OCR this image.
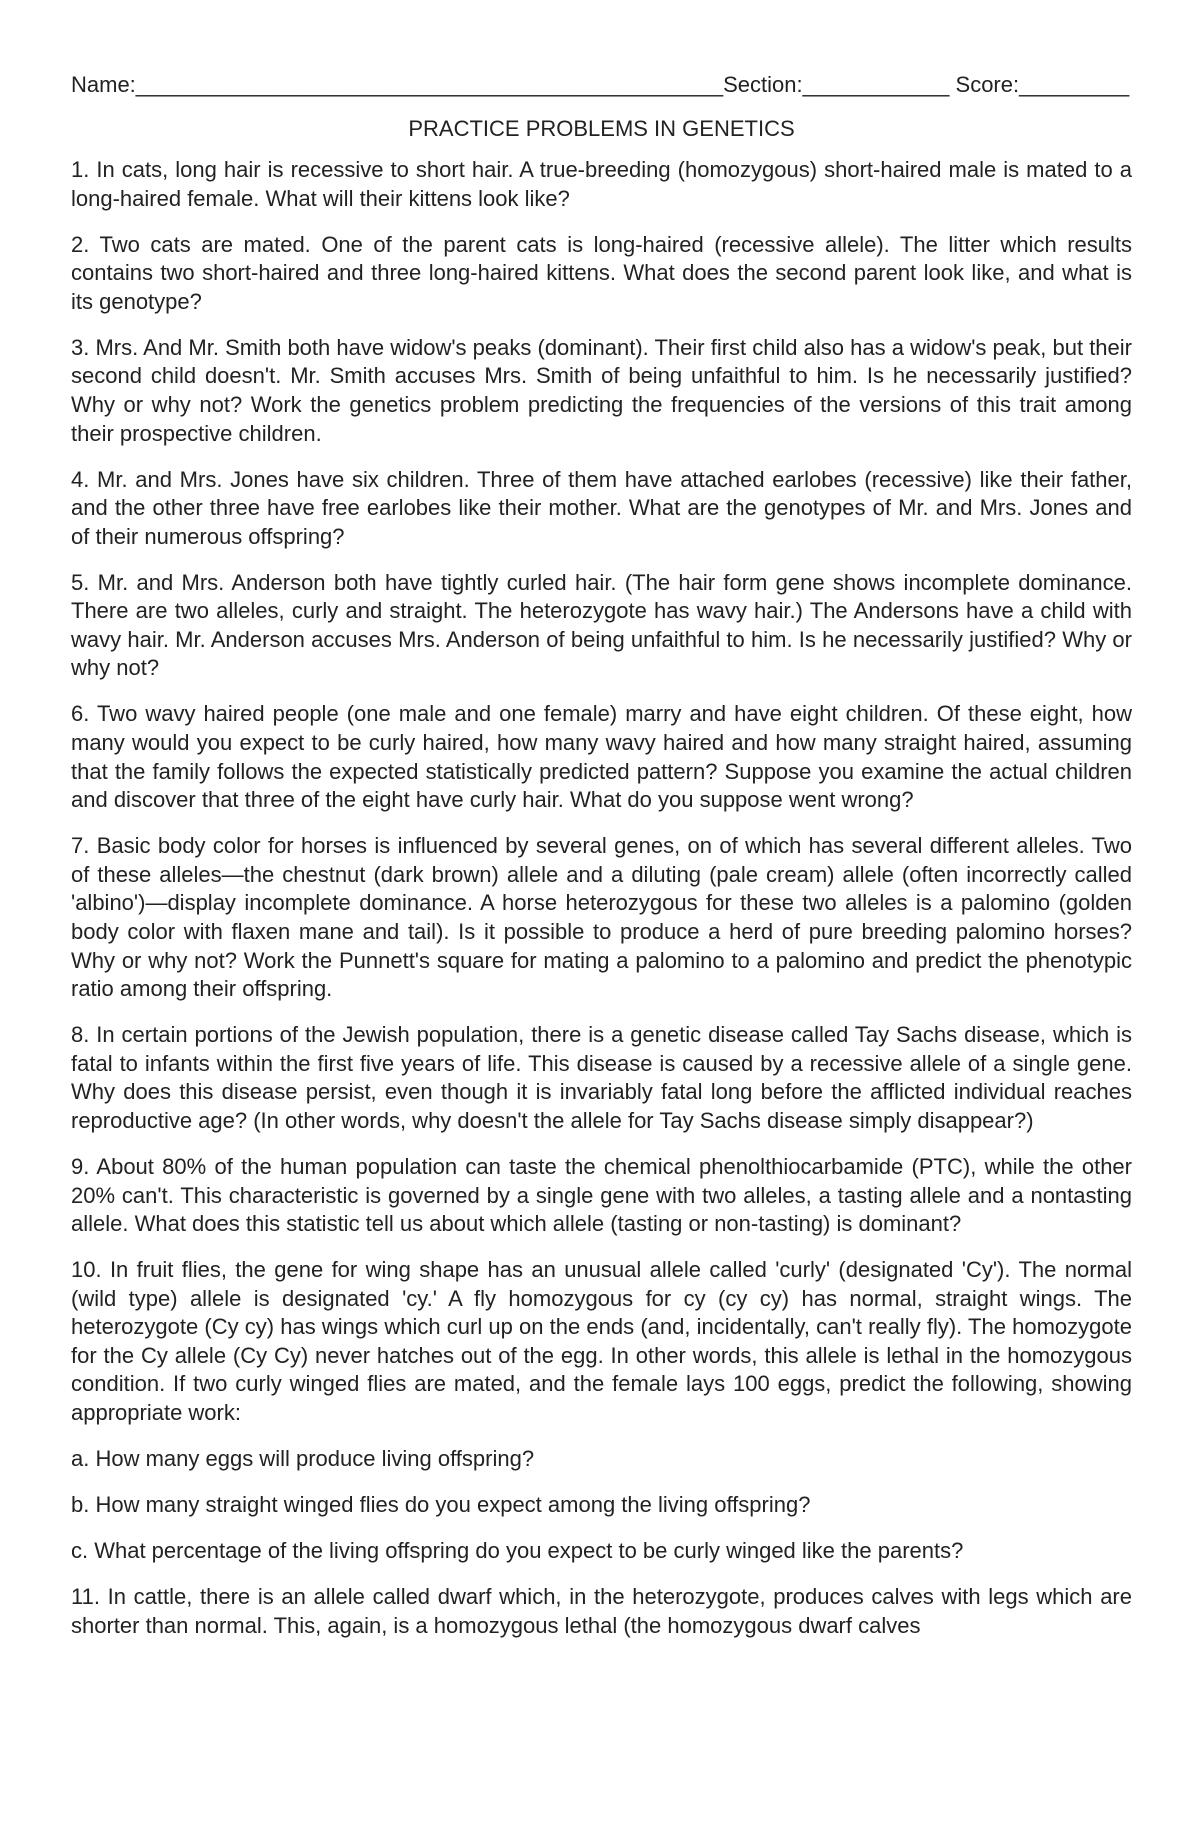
Name:________________________________________________Section:____________ Score:_________
PRACTICE PROBLEMS IN GENETICS

1. In cats, long hair is recessive to short hair. A true-breeding (homozygous) short-haired male is mated to a long-haired female. What will their kittens look like?

2. Two cats are mated. One of the parent cats is long-haired (recessive allele). The litter which results contains two short-haired and three long-haired kittens. What does the second parent look like, and what is its genotype?

3. Mrs. And Mr. Smith both have widow's peaks (dominant). Their first child also has a widow's peak, but their second child doesn't. Mr. Smith accuses Mrs. Smith of being unfaithful to him. Is he necessarily justified? Why or why not? Work the genetics problem predicting the frequencies of the versions of this trait among their prospective children.

4. Mr. and Mrs. Jones have six children. Three of them have attached earlobes (recessive) like their father, and the other three have free earlobes like their mother. What are the genotypes of Mr. and Mrs. Jones and of their numerous offspring?

5. Mr. and Mrs. Anderson both have tightly curled hair. (The hair form gene shows incomplete dominance. There are two alleles, curly and straight. The heterozygote has wavy hair.) The Andersons have a child with wavy hair. Mr. Anderson accuses Mrs. Anderson of being unfaithful to him. Is he necessarily justified? Why or why not?

6. Two wavy haired people (one male and one female) marry and have eight children. Of these eight, how many would you expect to be curly haired, how many wavy haired and how many straight haired, assuming that the family follows the expected statistically predicted pattern? Suppose you examine the actual children and discover that three of the eight have curly hair. What do you suppose went wrong?

7. Basic body color for horses is influenced by several genes, on of which has several different alleles. Two of these alleles—the chestnut (dark brown) allele and a diluting (pale cream) allele (often incorrectly called 'albino')—display incomplete dominance. A horse heterozygous for these two alleles is a palomino (golden body color with flaxen mane and tail). Is it possible to produce a herd of pure breeding palomino horses? Why or why not? Work the Punnett's square for mating a palomino to a palomino and predict the phenotypic ratio among their offspring.

8. In certain portions of the Jewish population, there is a genetic disease called Tay Sachs disease, which is fatal to infants within the first five years of life. This disease is caused by a recessive allele of a single gene. Why does this disease persist, even though it is invariably fatal long before the afflicted individual reaches reproductive age? (In other words, why doesn't the allele for Tay Sachs disease simply disappear?)

9. About 80% of the human population can taste the chemical phenolthiocarbamide (PTC), while the other 20% can't. This characteristic is governed by a single gene with two alleles, a tasting allele and a nontasting allele. What does this statistic tell us about which allele (tasting or non-tasting) is dominant?

10. In fruit flies, the gene for wing shape has an unusual allele called 'curly' (designated 'Cy'). The normal (wild type) allele is designated 'cy.' A fly homozygous for cy (cy cy) has normal, straight wings. The heterozygote (Cy cy) has wings which curl up on the ends (and, incidentally, can't really fly). The homozygote for the Cy allele (Cy Cy) never hatches out of the egg. In other words, this allele is lethal in the homozygous condition. If two curly winged flies are mated, and the female lays 100 eggs, predict the following, showing appropriate work:

a. How many eggs will produce living offspring?

b. How many straight winged flies do you expect among the living offspring?

c. What percentage of the living offspring do you expect to be curly winged like the parents?

11. In cattle, there is an allele called dwarf which, in the heterozygote, produces calves with legs which are shorter than normal. This, again, is a homozygous lethal (the homozygous dwarf calves
